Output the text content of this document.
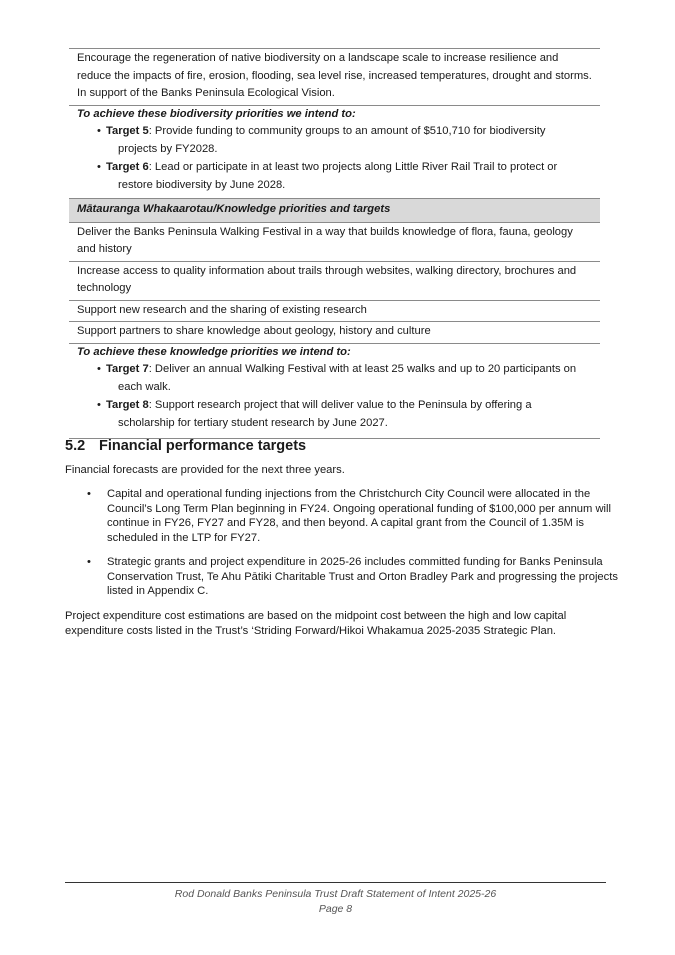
Encourage the regeneration of native biodiversity on a landscape scale to increase resilience and reduce the impacts of fire, erosion, flooding, sea level rise, increased temperatures, drought and storms. In support of the Banks Peninsula Ecological Vision.
To achieve these biodiversity priorities we intend to:
• Target 5: Provide funding to community groups to an amount of $510,710 for biodiversity
projects by FY2028.
• Target 6: Lead or participate in at least two projects along Little River Rail Trail to protect or
restore biodiversity by June 2028.
Mātauranga Whakaarotau/Knowledge priorities and targets
Deliver the Banks Peninsula Walking Festival in a way that builds knowledge of flora, fauna, geology and history
Increase access to quality information about trails through websites, walking directory, brochures and technology
Support new research and the sharing of existing research
Support partners to share knowledge about geology, history and culture
To achieve these knowledge priorities we intend to:
• Target 7: Deliver an annual Walking Festival with at least 25 walks and up to 20 participants on
each walk.
• Target 8: Support research project that will deliver value to the Peninsula by offering a
scholarship for tertiary student research by June 2027.
5.2 Financial performance targets

Financial forecasts are provided for the next three years.

• Capital and operational funding injections from the Christchurch City Council were allocated in the Council’s Long Term Plan beginning in FY24. Ongoing operational funding of $100,000 per annum will continue in FY26, FY27 and FY28, and then beyond. A capital grant from the Council of 1.35M is scheduled in the LTP for FY27.
• Strategic grants and project expenditure in 2025-26 includes committed funding for Banks Peninsula Conservation Trust, Te Ahu Pātiki Charitable Trust and Orton Bradley Park and progressing the projects listed in Appendix C.

Project expenditure cost estimations are based on the midpoint cost between the high and low capital expenditure costs listed in the Trust’s ‘Striding Forward/Hikoi Whakamua 2025-2035 Strategic Plan.

Rod Donald Banks Peninsula Trust Draft Statement of Intent 2025-26
Page 8
